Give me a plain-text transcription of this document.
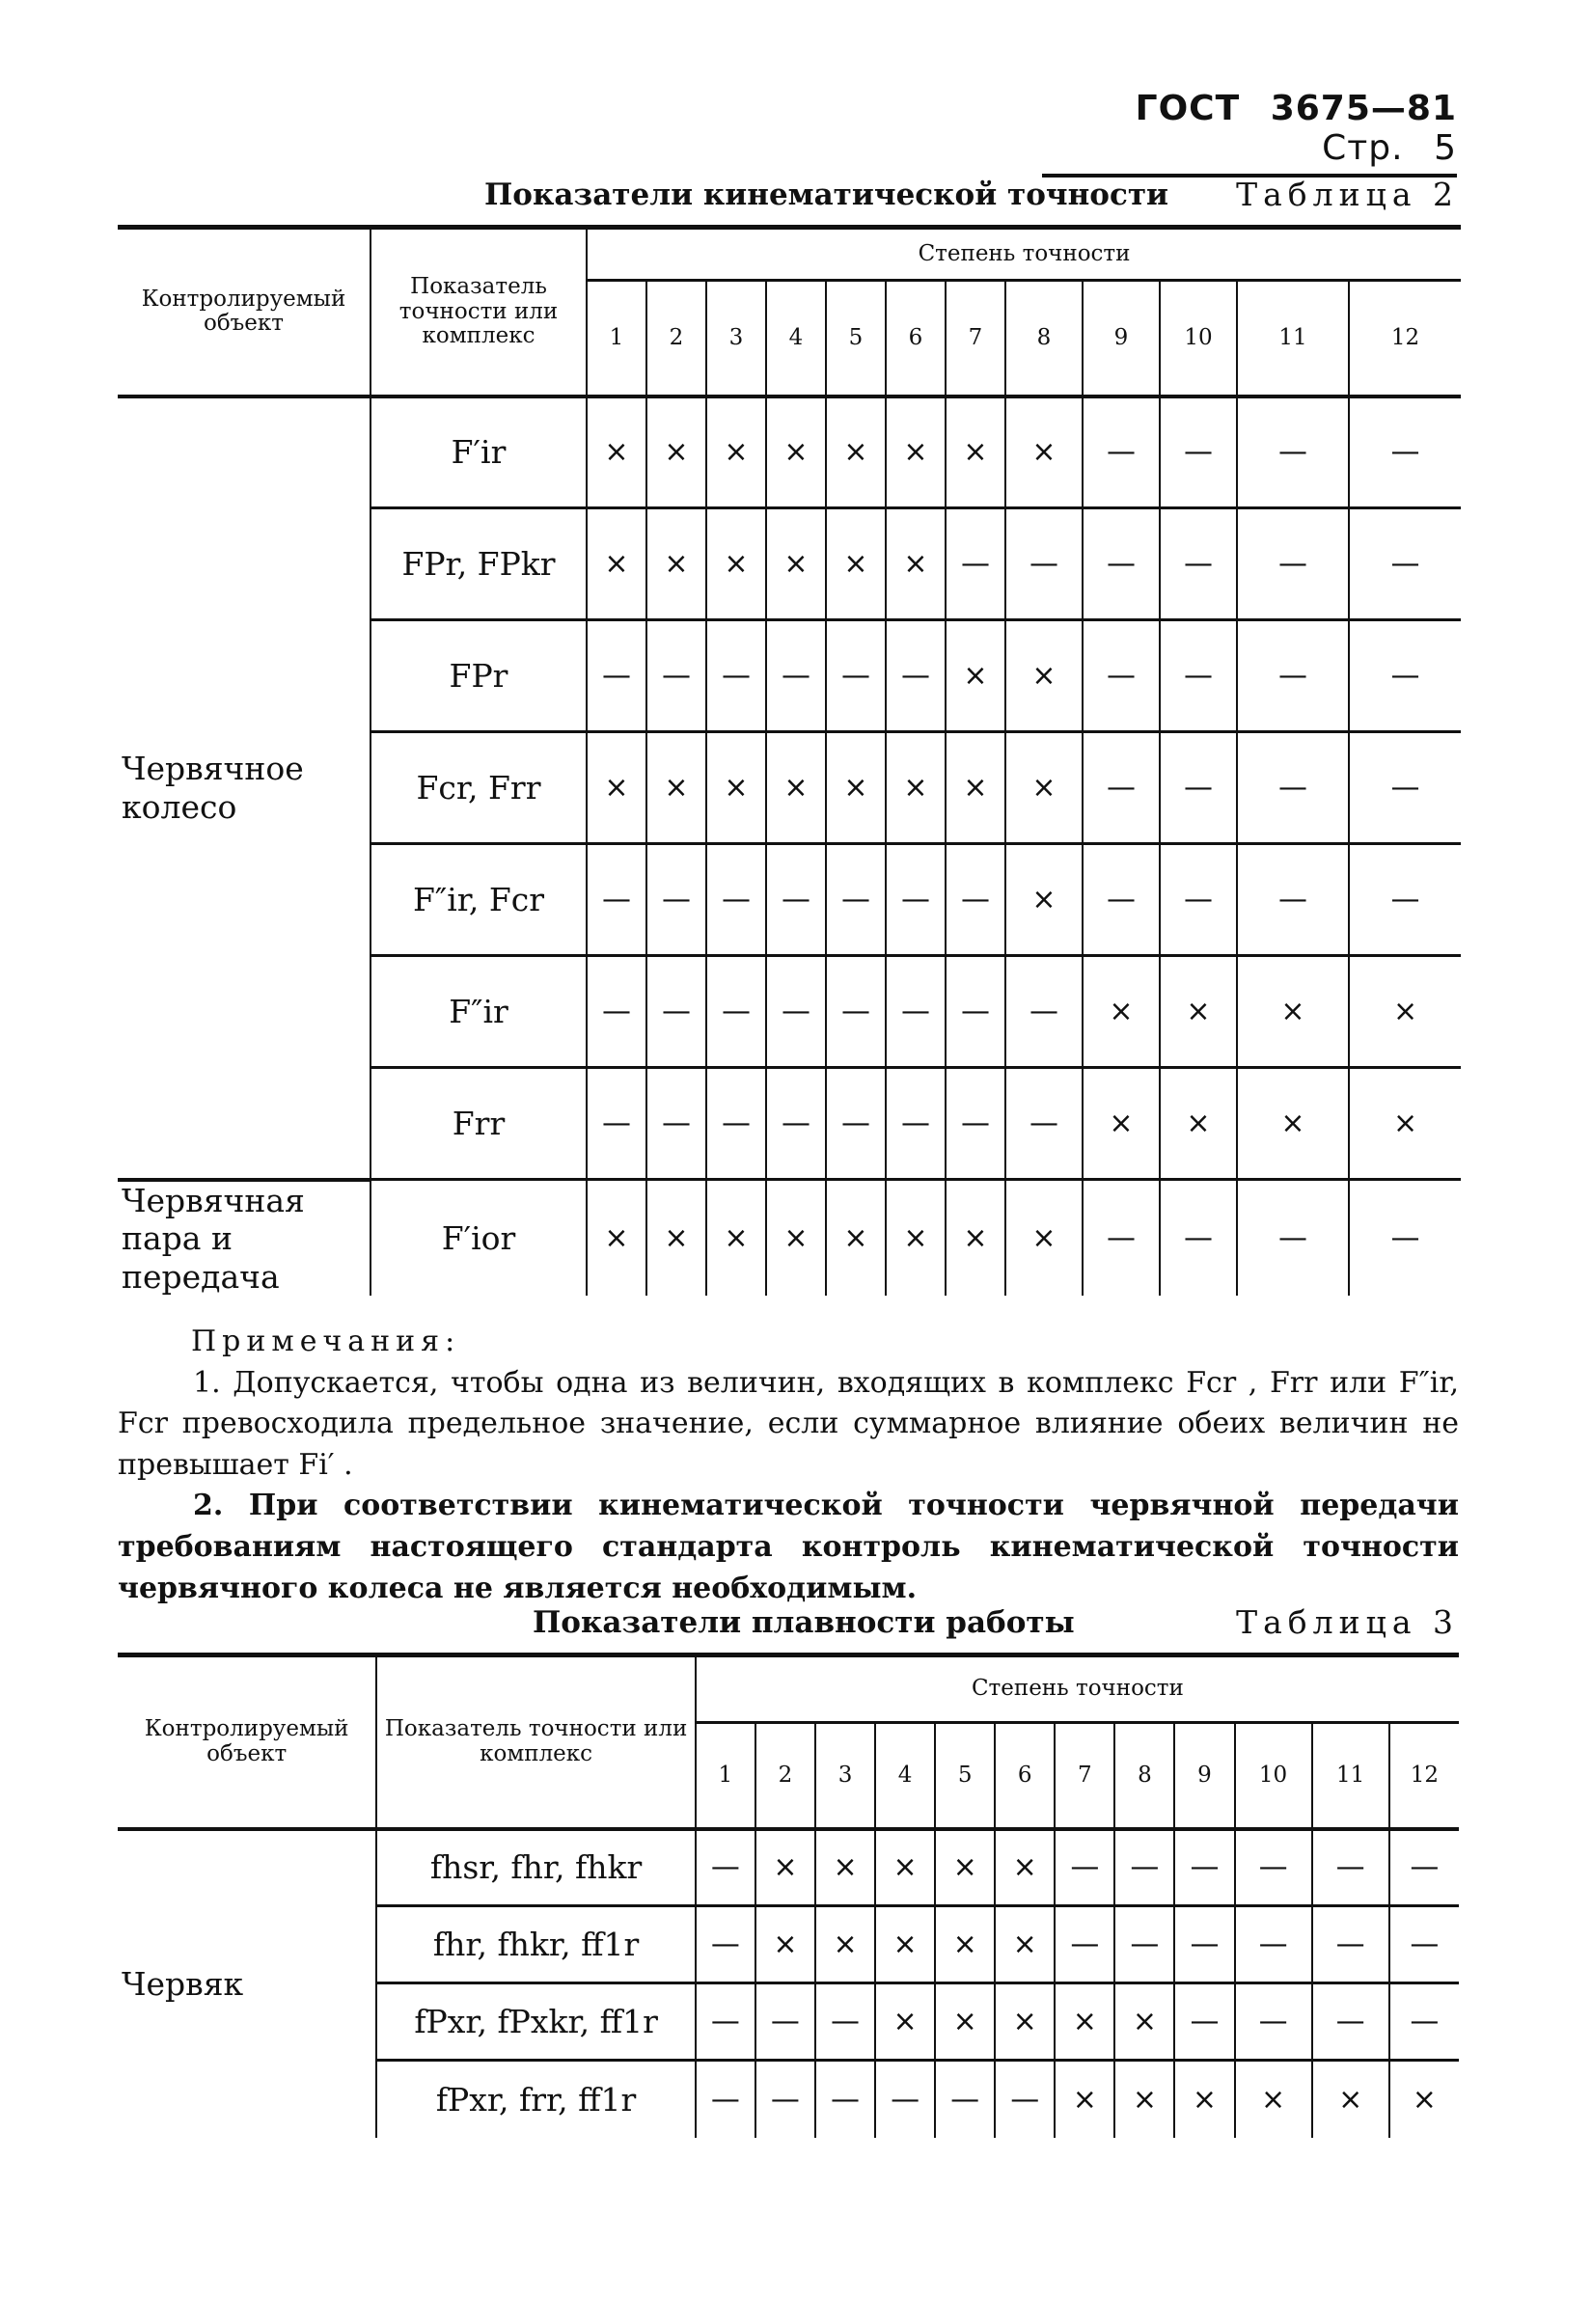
ГОСТ 3675—81 Стр. 5
Показатели кинематической точности Таблица 2
Контролируемый объект	Показатель точности или комплекс	Степень точности											
		1	2	3	4	5	6	7	8	9	10	11	12
Червячное колесо	F′ir	×	×	×	×	×	×	×	×	—	—	—	—
	FPr, FPkr	×	×	×	×	×	×	—	—	—	—	—	—
	FPr	—	—	—	—	—	—	×	×	—	—	—	—
	Fcr, Frr	×	×	×	×	×	×	×	×	—	—	—	—
	F″ir, Fcr	—	—	—	—	—	—	—	×	—	—	—	—
	F″ir	—	—	—	—	—	—	—	—	×	×	×	×
	Frr	—	—	—	—	—	—	—	—	×	×	×	×
Червячная пара и передача	F′ior	×	×	×	×	×	×	×	×	—	—	—	—

Примечания:

1. Допускается, чтобы одна из величин, входящих в комплекс Fcr , Frr или F″ir, Fcr превосходила предельное значение, если суммарное влияние обеих величин не превышает Fi′ .

2. При соответствии кинематической точности червячной передачи требованиям настоящего стандарта контроль кинематической точности червячного колеса не является необходимым.

Показатели плавности работы	Таблица 3
Контролируемый объект	Показатель точности или комплекс	Степень точности											
		1	2	3	4	5	6	7	8	9	10	11	12
Червяк	fhsr, fhr, fhkr	—	×	×	×	×	×	—	—	—	—	—	—
	fhr, fhkr, ff1r	—	×	×	×	×	×	—	—	—	—	—	—
	fPxr, fPxkr, ff1r	—	—	—	×	×	×	×	×	—	—	—	—
	fPxr, frr, ff1r	—	—	—	—	—	—	×	×	×	×	×	×
